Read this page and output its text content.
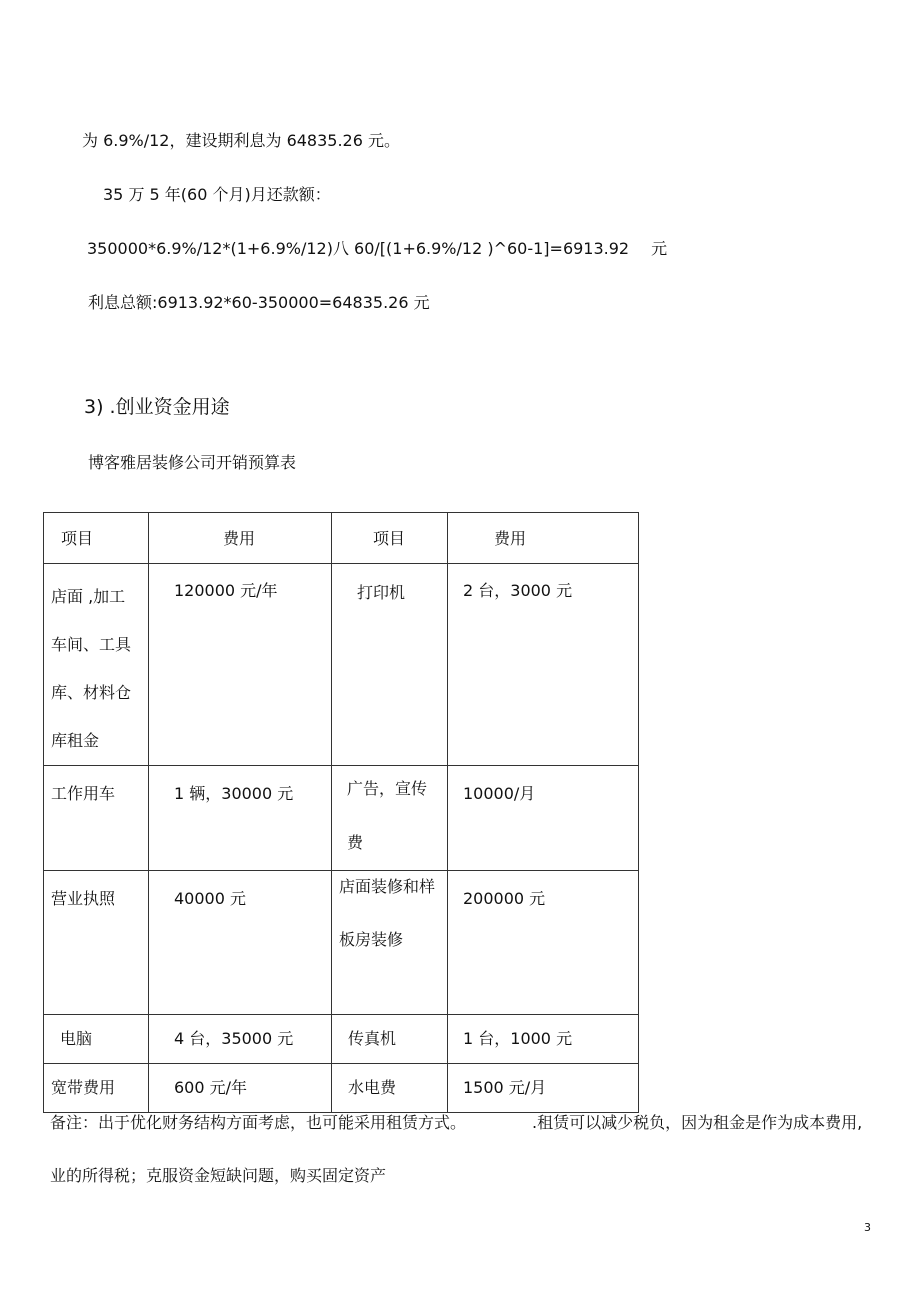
为 6.9%/12，建设期利息为 64835.26 元。
35 万 5 年(60 个月)月还款额：
350000*6.9%/12*(1+6.9%/12)八 60/[(1+6.9%/12 )^60-1]=6913.92 元
利息总额:6913.92*60-350000=64835.26 元
3) .创业资金用途
博客雅居装修公司开销预算表
项目	费用	项目	费用

店面 ,加工 车间、工具 库、材料仓 库租金	120000 元/年	打印机	2 台，3000 元

工作用车	1 辆，30000 元	广告，宣传费	10000/月

营业执照	40000 元	店面装修和样板房装修	200000 元

电脑	4 台，35000 元	传真机	1 台，1000 元

宽带费用	600 元/年	水电费	1500 元/月
备注：出于优化财务结构方面考虑，也可能采用租赁方式。	.租赁可以减少税负，因为租金是作为成本费用,
业的所得税；克服资金短缺问题，购买固定资产
3
